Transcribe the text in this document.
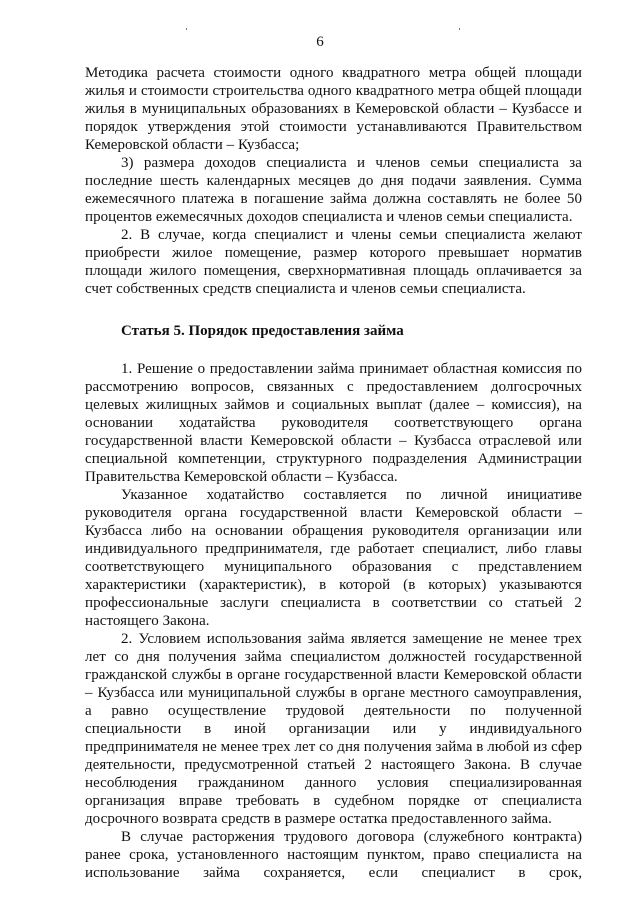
6

Методика расчета стоимости одного квадратного метра общей площади жилья и стоимости строительства одного квадратного метра общей площади жилья в муниципальных образованиях в Кемеровской области – Кузбассе и порядок утверждения этой стоимости устанавливаются Правительством Кемеровской области – Кузбасса;

3) размера доходов специалиста и членов семьи специалиста за последние шесть календарных месяцев до дня подачи заявления. Сумма ежемесячного платежа в погашение займа должна составлять не более 50 процентов ежемесячных доходов специалиста и членов семьи специалиста.

2. В случае, когда специалист и члены семьи специалиста желают приобрести жилое помещение, размер которого превышает норматив площади жилого помещения, сверхнормативная площадь оплачивается за счет собственных средств специалиста и членов семьи специалиста.

Статья 5. Порядок предоставления займа

1. Решение о предоставлении займа принимает областная комиссия по рассмотрению вопросов, связанных с предоставлением долгосрочных целевых жилищных займов и социальных выплат (далее – комиссия), на основании ходатайства руководителя соответствующего органа государственной власти Кемеровской области – Кузбасса отраслевой или специальной компетенции, структурного подразделения Администрации Правительства Кемеровской области – Кузбасса.

Указанное ходатайство составляется по личной инициативе руководителя органа государственной власти Кемеровской области – Кузбасса либо на основании обращения руководителя организации или индивидуального предпринимателя, где работает специалист, либо главы соответствующего муниципального образования с представлением характеристики (характеристик), в которой (в которых) указываются профессиональные заслуги специалиста в соответствии со статьей 2 настоящего Закона.

2. Условием использования займа является замещение не менее трех лет со дня получения займа специалистом должностей государственной гражданской службы в органе государственной власти Кемеровской области – Кузбасса или муниципальной службы в органе местного самоуправления, а равно осуществление трудовой деятельности по полученной специальности в иной организации или у индивидуального предпринимателя не менее трех лет со дня получения займа в любой из сфер деятельности, предусмотренной статьей 2 настоящего Закона. В случае несоблюдения гражданином данного условия специализированная организация вправе требовать в судебном порядке от специалиста досрочного возврата средств в размере остатка предоставленного займа.

В случае расторжения трудового договора (служебного контракта) ранее срока, установленного настоящим пунктом, право специалиста на использование займа сохраняется, если специалист в срок,
